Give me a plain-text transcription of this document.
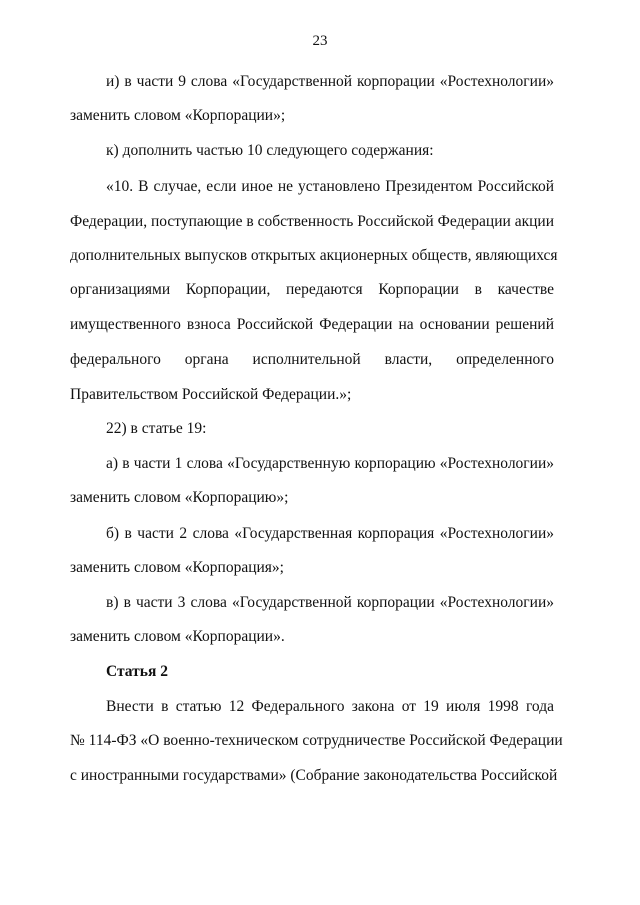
23
и) в части 9 слова «Государственной корпорации «Ростехнологии»
заменить словом «Корпорации»;
к) дополнить частью 10 следующего содержания:
«10. В случае, если иное не установлено Президентом Российской
Федерации, поступающие в собственность Российской Федерации акции
дополнительных выпусков открытых акционерных обществ, являющихся
организациями Корпорации, передаются Корпорации в качестве
имущественного взноса Российской Федерации на основании решений
федерального органа исполнительной власти, определенного
Правительством Российской Федерации.»;
22) в статье 19:
а) в части 1 слова «Государственную корпорацию «Ростехнологии»
заменить словом «Корпорацию»;
б) в части 2 слова «Государственная корпорация «Ростехнологии»
заменить словом «Корпорация»;
в) в части 3 слова «Государственной корпорации «Ростехнологии»
заменить словом «Корпорации».
Статья 2
Внести в статью 12 Федерального закона от 19 июля 1998 года
№ 114-ФЗ «О военно-техническом сотрудничестве Российской Федерации
с иностранными государствами» (Собрание законодательства Российской
